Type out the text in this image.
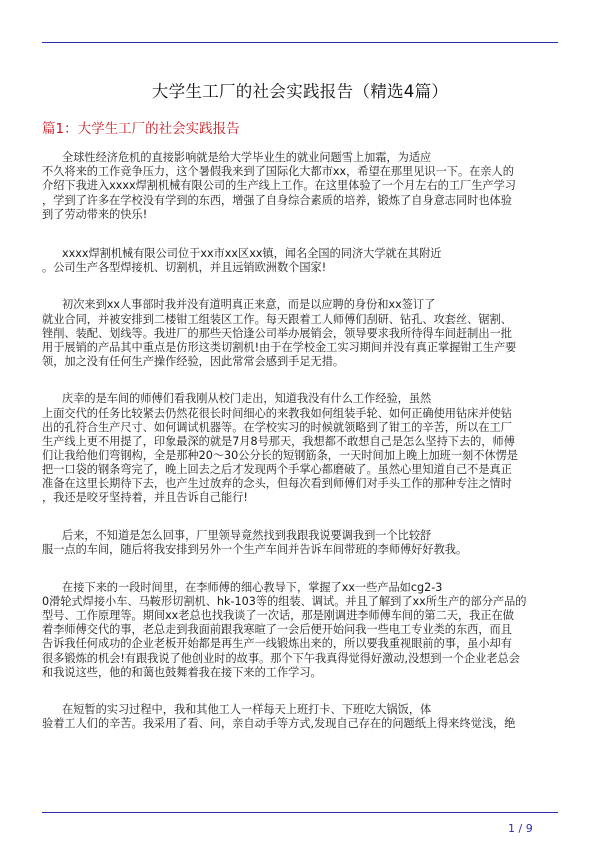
大学生工厂的社会实践报告（精选4篇）
篇1：大学生工厂的社会实践报告
全球性经济危机的直接影响就是给大学毕业生的就业问题雪上加霜，为适应
不久将来的工作竞争压力，这个暑假我来到了国际化大都市xx，希望在那里见识一下。在亲人的
介绍下我进入xxxx焊割机械有限公司的生产线上工作。在这里体验了一个月左右的工厂生产学习
，学到了许多在学校没有学到的东西，增强了自身综合素质的培养，锻炼了自身意志同时也体验
到了劳动带来的快乐!
xxxx焊割机械有限公司位于xx市xx区xx镇，闻名全国的同济大学就在其附近
。公司生产各型焊接机、切割机，并且远销欧洲数个国家!
初次来到xx人事部时我并没有道明真正来意，而是以应聘的身份和xx签订了
就业合同，并被安排到二楼钳工组装区工作。每天跟着工人师傅们刮研、钻孔、攻套丝、锯割、
锉削、装配、划线等。我进厂的那些天恰逢公司举办展销会，领导要求我所待得车间赶制出一批
用于展销的产品其中重点是仿形这类切割机!由于在学校金工实习期间并没有真正掌握钳工生产要
领，加之没有任何生产操作经验，因此常常会感到手足无措。
庆幸的是车间的师傅们看我刚从校门走出，知道我没有什么工作经验，虽然
上面交代的任务比较紧去仍然花很长时间细心的来教我如何组装手轮、如何正确使用钻床并使钻
出的孔符合生产尺寸、如何调试机器等。在学校实习的时候就领略到了钳工的辛苦，所以在工厂
生产线上更不用提了，印象最深的就是7月8号那天，我想都不敢想自己是怎么坚持下去的，师傅
们让我给他们弯钢构，全是那种20～30公分长的短钢筋条，一天时间加上晚上加班一刻不休愣是
把一口袋的钢条弯完了，晚上回去之后才发现两个手掌心都磨破了。虽然心里知道自己不是真正
准备在这里长期待下去，也产生过放弃的念头，但每次看到师傅们对手头工作的那种专注之情时
，我还是咬牙坚持着，并且告诉自己能行!
后来，不知道是怎么回事，厂里领导竟然找到我跟我说要调我到一个比较舒
服一点的车间，随后将我安排到另外一个生产车间并告诉车间带班的李师傅好好教我。
在接下来的一段时间里，在李师傅的细心教导下，掌握了xx一些产品如cg2-3
0滑轮式焊接小车、马鞍形切割机、hk-103等的组装、调试。并且了解到了xx所生产的部分产品的
型号、工作原理等。期间xx老总也找我谈了一次话，那是刚调进李师傅车间的第二天，我正在做
着李师傅交代的事，老总走到我面前跟我寒暄了一会后便开始问我一些电工专业类的东西，而且
告诉我任何成功的企业老板开始都是再生产一线锻炼出来的，所以要我重视眼前的事，虽小却有
很多锻炼的机会!有跟我说了他创业时的故事。那个下午我真得觉得好激动,没想到一个企业老总会
和我说这些，他的和蔼也鼓舞着我在接下来的工作学习。
在短暂的实习过程中，我和其他工人一样每天上班打卡、下班吃大锅饭，体
验着工人们的辛苦。我采用了看、问，亲自动手等方式,发现自己存在的问题纸上得来终觉浅，绝
1 / 9
